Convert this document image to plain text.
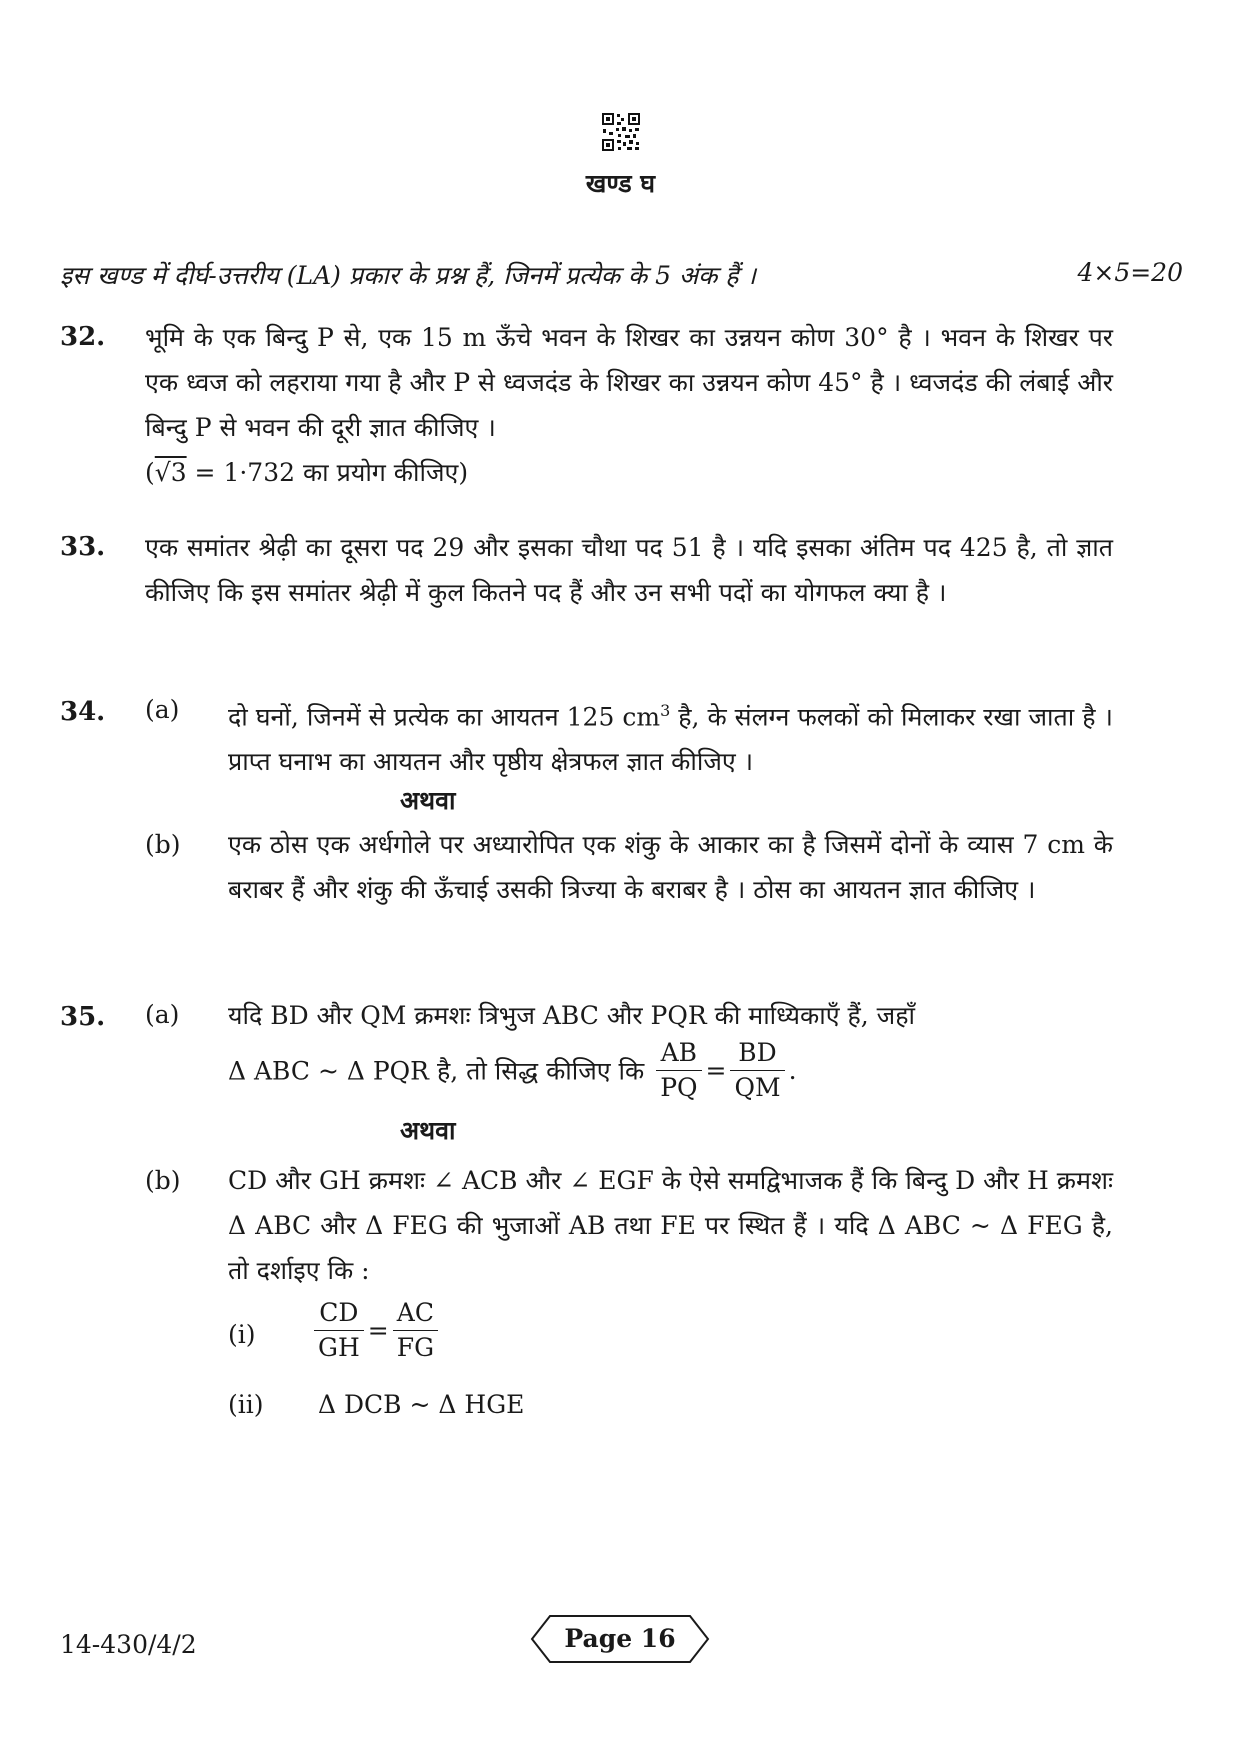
खण्ड घ
इस खण्ड में दीर्घ-उत्तरीय (LA) प्रकार के प्रश्न हैं, जिनमें प्रत्येक के 5 अंक हैं ।	4×5=20
32. भूमि के एक बिन्दु P से, एक 15 m ऊँचे भवन के शिखर का उन्नयन कोण 30° है । भवन के शिखर पर एक ध्वज को लहराया गया है और P से ध्वजदंड के शिखर का उन्नयन कोण 45° है । ध्वजदंड की लंबाई और बिन्दु P से भवन की दूरी ज्ञात कीजिए ।
(√3 = 1·732 का प्रयोग कीजिए)
33. एक समांतर श्रेढ़ी का दूसरा पद 29 और इसका चौथा पद 51 है । यदि इसका अंतिम पद 425 है, तो ज्ञात कीजिए कि इस समांतर श्रेढ़ी में कुल कितने पद हैं और उन सभी पदों का योगफल क्या है ।
34. (a) दो घनों, जिनमें से प्रत्येक का आयतन 125 $cm^3$ है, के संलग्न फलकों को मिलाकर रखा जाता है । प्राप्त घनाभ का आयतन और पृष्ठीय क्षेत्रफल ज्ञात कीजिए ।
अथवा
(b) एक ठोस एक अर्धगोले पर अध्यारोपित एक शंकु के आकार का है जिसमें दोनों के व्यास 7 cm के बराबर हैं और शंकु की ऊँचाई उसकी त्रिज्या के बराबर है । ठोस का आयतन ज्ञात कीजिए ।
35. (a) यदि BD और QM क्रमशः त्रिभुज ABC और PQR की माध्यिकाएँ हैं, जहाँ
Δ ABC ~ Δ PQR है, तो सिद्ध कीजिए कि $\frac{AB}{PQ} = \frac{BD}{QM}$ .
अथवा
(b) CD और GH क्रमशः ∠ ACB और ∠ EGF के ऐसे समद्विभाजक हैं कि बिन्दु D और H क्रमशः Δ ABC और Δ FEG की भुजाओं AB तथा FE पर स्थित हैं । यदि Δ ABC ~ Δ FEG है, तो दर्शाइए कि :
$(i) \frac{CD}{GH} = \frac{AC}{FG}$
(ii) Δ DCB ~ Δ HGE
14-430/4/2	Page 16
